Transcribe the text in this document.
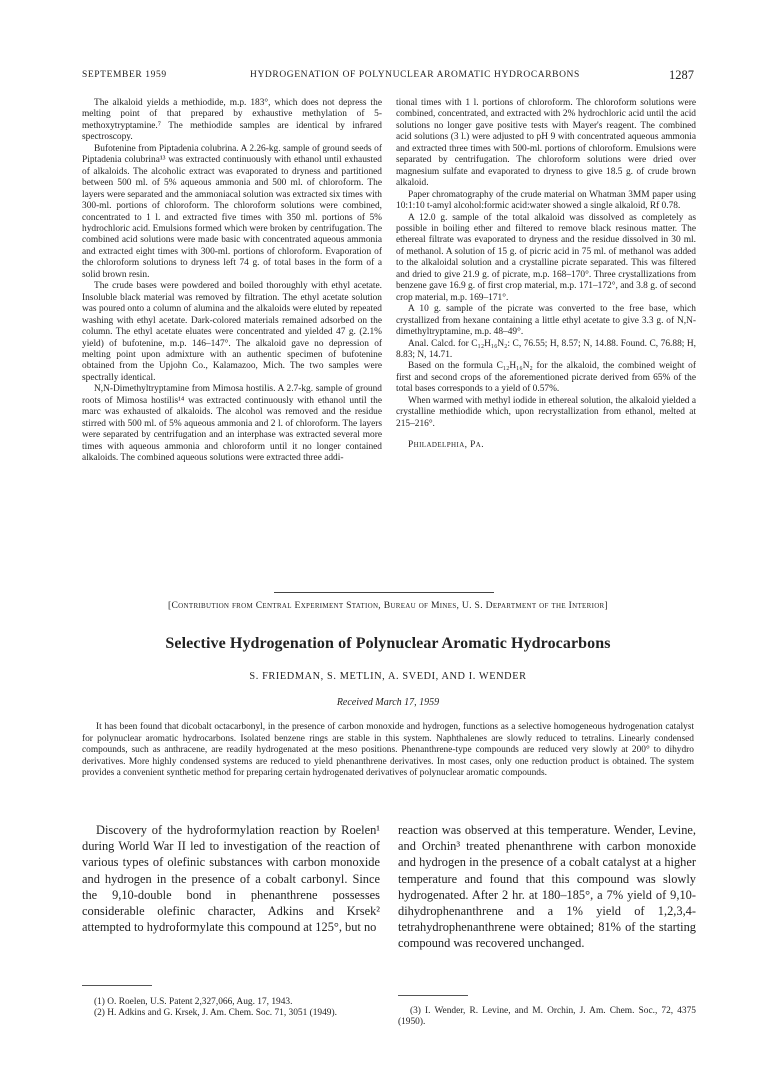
SEPTEMBER 1959	HYDROGENATION OF POLYNUCLEAR AROMATIC HYDROCARBONS	1287

The alkaloid yields a methiodide, m.p. 183°, which does not depress the melting point of that prepared by exhaustive methylation of 5-methoxytryptamine.⁷ The methiodide samples are identical by infrared spectroscopy.

Bufotenine from Piptadenia colubrina. A 2.26-kg. sample of ground seeds of Piptadenia colubrina¹³ was extracted continuously with ethanol until exhausted of alkaloids. The alcoholic extract was evaporated to dryness and partitioned between 500 ml. of 5% aqueous ammonia and 500 ml. of chloroform. The layers were separated and the ammoniacal solution was extracted six times with 300-ml. portions of chloroform. The chloroform solutions were combined, concentrated to 1 l. and extracted five times with 350 ml. portions of 5% hydrochloric acid. Emulsions formed which were broken by centrifugation. The combined acid solutions were made basic with concentrated aqueous ammonia and extracted eight times with 300-ml. portions of chloroform. Evaporation of the chloroform solutions to dryness left 74 g. of total bases in the form of a solid brown resin.

The crude bases were powdered and boiled thoroughly with ethyl acetate. Insoluble black material was removed by filtration. The ethyl acetate solution was poured onto a column of alumina and the alkaloids were eluted by repeated washing with ethyl acetate. Dark-colored materials remained adsorbed on the column. The ethyl acetate eluates were concentrated and yielded 47 g. (2.1% yield) of bufotenine, m.p. 146–147°. The alkaloid gave no depression of melting point upon admixture with an authentic specimen of bufotenine obtained from the Upjohn Co., Kalamazoo, Mich. The two samples were spectrally identical.

N,N-Dimethyltryptamine from Mimosa hostilis. A 2.7-kg. sample of ground roots of Mimosa hostilis¹⁴ was extracted continuously with ethanol until the marc was exhausted of alkaloids. The alcohol was removed and the residue stirred with 500 ml. of 5% aqueous ammonia and 2 l. of chloroform. The layers were separated by centrifugation and an interphase was extracted several more times with aqueous ammonia and chloroform until it no longer contained alkaloids. The combined aqueous solutions were extracted three addi-

tional times with 1 l. portions of chloroform. The chloroform solutions were combined, concentrated, and extracted with 2% hydrochloric acid until the acid solutions no longer gave positive tests with Mayer's reagent. The combined acid solutions (3 l.) were adjusted to pH 9 with concentrated aqueous ammonia and extracted three times with 500-ml. portions of chloroform. Emulsions were separated by centrifugation. The chloroform solutions were dried over magnesium sulfate and evaporated to dryness to give 18.5 g. of crude brown alkaloid.

Paper chromatography of the crude material on Whatman 3MM paper using 10:1:10 t-amyl alcohol:formic acid:water showed a single alkaloid, Rf 0.78.

A 12.0 g. sample of the total alkaloid was dissolved as completely as possible in boiling ether and filtered to remove black resinous matter. The ethereal filtrate was evaporated to dryness and the residue dissolved in 30 ml. of methanol. A solution of 15 g. of picric acid in 75 ml. of methanol was added to the alkaloidal solution and a crystalline picrate separated. This was filtered and dried to give 21.9 g. of picrate, m.p. 168–170°. Three crystallizations from benzene gave 16.9 g. of first crop material, m.p. 171–172°, and 3.8 g. of second crop material, m.p. 169–171°.

A 10 g. sample of the picrate was converted to the free base, which crystallized from hexane containing a little ethyl acetate to give 3.3 g. of N,N-dimethyltryptamine, m.p. 48–49°.

Anal. Calcd. for C₁₂H₁₆N₂: C, 76.55; H, 8.57; N, 14.88. Found. C, 76.88; H, 8.83; N, 14.71.

Based on the formula C₁₂H₁₆N₂ for the alkaloid, the combined weight of first and second crops of the aforementioned picrate derived from 65% of the total bases corresponds to a yield of 0.57%.

When warmed with methyl iodide in ethereal solution, the alkaloid yielded a crystalline methiodide which, upon recrystallization from ethanol, melted at 215–216°.

Philadelphia, Pa.

[Contribution from Central Experiment Station, Bureau of Mines, U. S. Department of the Interior]
Selective Hydrogenation of Polynuclear Aromatic Hydrocarbons
S. FRIEDMAN, S. METLIN, A. SVEDI, AND I. WENDER
Received March 17, 1959

It has been found that dicobalt octacarbonyl, in the presence of carbon monoxide and hydrogen, functions as a selective homogeneous hydrogenation catalyst for polynuclear aromatic hydrocarbons. Isolated benzene rings are stable in this system. Naphthalenes are slowly reduced to tetralins. Linearly condensed compounds, such as anthracene, are readily hydrogenated at the meso positions. Phenanthrene-type compounds are reduced very slowly at 200° to dihydro derivatives. More highly condensed systems are reduced to yield phenanthrene derivatives. In most cases, only one reduction product is obtained. The system provides a convenient synthetic method for preparing certain hydrogenated derivatives of polynuclear aromatic compounds.

Discovery of the hydroformylation reaction by Roelen¹ during World War II led to investigation of the reaction of various types of olefinic substances with carbon monoxide and hydrogen in the presence of a cobalt carbonyl. Since the 9,10-double bond in phenanthrene possesses considerable olefinic character, Adkins and Krsek² attempted to hydroformylate this compound at 125°, but no

reaction was observed at this temperature. Wender, Levine, and Orchin³ treated phenanthrene with carbon monoxide and hydrogen in the presence of a cobalt catalyst at a higher temperature and found that this compound was slowly hydrogenated. After 2 hr. at 180–185°, a 7% yield of 9,10-dihydrophenanthrene and a 1% yield of 1,2,3,4-tetrahydrophenanthrene were obtained; 81% of the starting compound was recovered unchanged.

(1) O. Roelen, U.S. Patent 2,327,066, Aug. 17, 1943.

(2) H. Adkins and G. Krsek, J. Am. Chem. Soc. 71, 3051 (1949).	(3) I. Wender, R. Levine, and M. Orchin, J. Am. Chem. Soc., 72, 4375 (1950).
